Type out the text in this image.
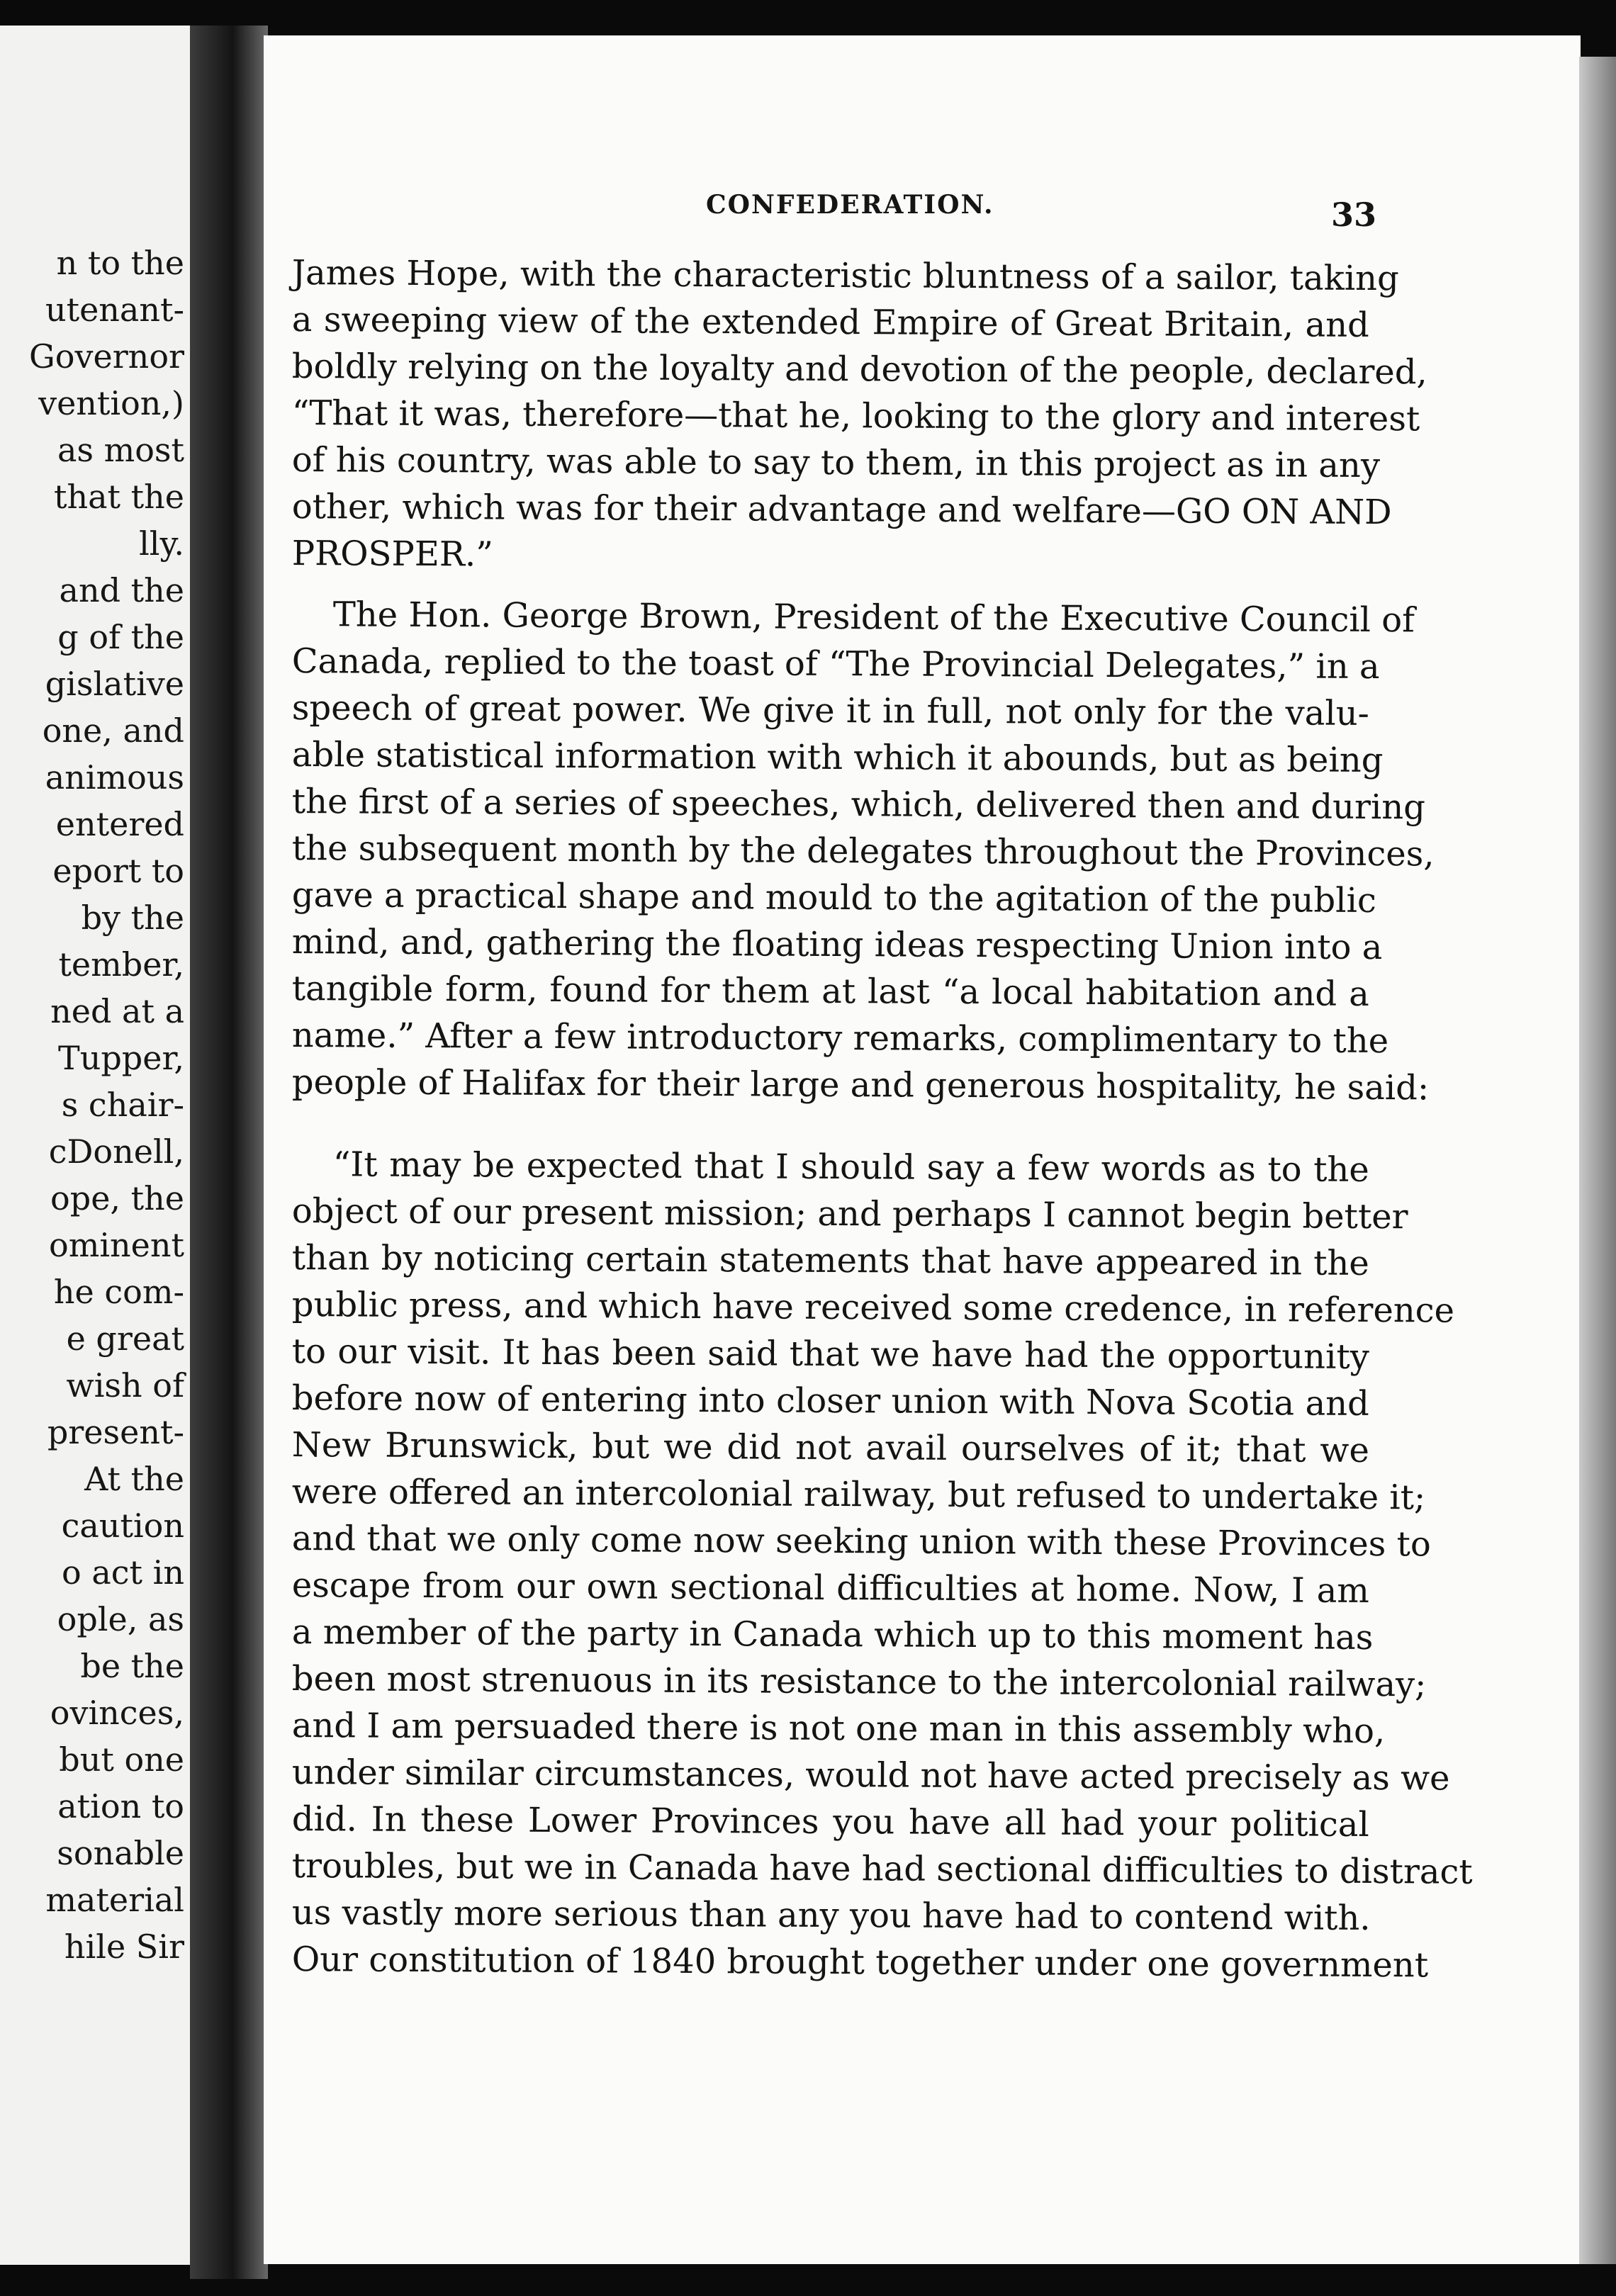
n to the
utenant-
Governor
vention,)
as most
that the
lly.
and the
g of the
gislative
one, and
animous
entered
eport to
by the
tember,
ned at a
Tupper,
s chair-
cDonell,
ope, the
ominent
he com-
e great
wish of
present-
At the
caution
o act in
ople, as
be the
ovinces,
but one
ation to
sonable
material
hile Sir
CONFEDERATION.	33
James Hope, with the characteristic bluntness of a sailor, taking
a sweeping view of the extended Empire of Great Britain, and
boldly relying on the loyalty and devotion of the people, declared,
“That it was, therefore—that he, looking to the glory and interest
of his country, was able to say to them, in this project as in any
other, which was for their advantage and welfare—GO ON AND
PROSPER.”
The Hon. George Brown, President of the Executive Council of
Canada, replied to the toast of “The Provincial Delegates,” in a
speech of great power. We give it in full, not only for the valu-
able statistical information with which it abounds, but as being
the first of a series of speeches, which, delivered then and during
the subsequent month by the delegates throughout the Provinces,
gave a practical shape and mould to the agitation of the public
mind, and, gathering the floating ideas respecting Union into a
tangible form, found for them at last “a local habitation and a
name.” After a few introductory remarks, complimentary to the
people of Halifax for their large and generous hospitality, he said:
“It may be expected that I should say a few words as to the
object of our present mission; and perhaps I cannot begin better
than by noticing certain statements that have appeared in the
public press, and which have received some credence, in reference
to our visit. It has been said that we have had the opportunity
before now of entering into closer union with Nova Scotia and
New Brunswick, but we did not avail ourselves of it; that we
were offered an intercolonial railway, but refused to undertake it;
and that we only come now seeking union with these Provinces to
escape from our own sectional difficulties at home. Now, I am
a member of the party in Canada which up to this moment has
been most strenuous in its resistance to the intercolonial railway;
and I am persuaded there is not one man in this assembly who,
under similar circumstances, would not have acted precisely as we
did. In these Lower Provinces you have all had your political
troubles, but we in Canada have had sectional difficulties to distract
us vastly more serious than any you have had to contend with.
Our constitution of 1840 brought together under one government
